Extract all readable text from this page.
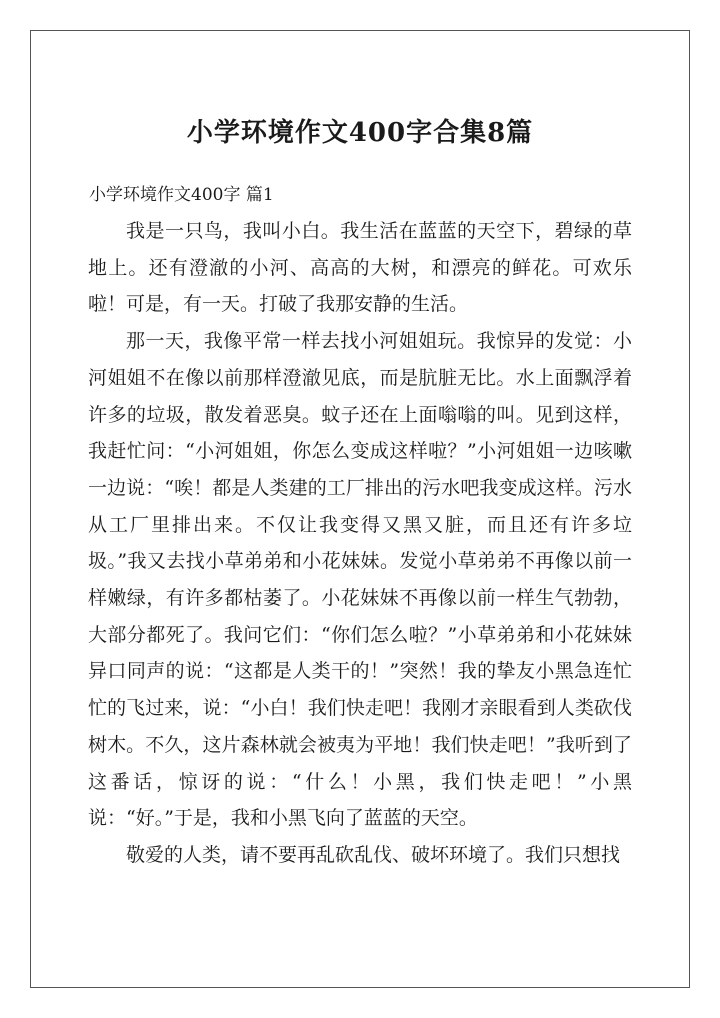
小学环境作文400字合集8篇
小学环境作文400字 篇1

我是一只鸟，我叫小白。我生活在蓝蓝的天空下，碧绿的草地上。还有澄澈的小河、高高的大树，和漂亮的鲜花。可欢乐啦！可是，有一天。打破了我那安静的生活。

那一天，我像平常一样去找小河姐姐玩。我惊异的发觉：小河姐姐不在像以前那样澄澈见底，而是肮脏无比。水上面飘浮着许多的垃圾，散发着恶臭。蚊子还在上面嗡嗡的叫。见到这样，我赶忙问：“小河姐姐，你怎么变成这样啦？”小河姐姐一边咳嗽一边说：“唉！都是人类建的工厂排出的污水吧我变成这样。污水从工厂里排出来。不仅让我变得又黑又脏，而且还有许多垃圾。”我又去找小草弟弟和小花妹妹。发觉小草弟弟不再像以前一样嫩绿，有许多都枯萎了。小花妹妹不再像以前一样生气勃勃，大部分都死了。我问它们：“你们怎么啦？”小草弟弟和小花妹妹异口同声的说：“这都是人类干的！”突然！我的挚友小黑急连忙忙的飞过来，说：“小白！我们快走吧！我刚才亲眼看到人类砍伐树木。不久，这片森林就会被夷为平地！我们快走吧！”我听到了这番话，惊讶的说：“什么！小黑，我们快走吧！”小黑说：“好。”于是，我和小黑飞向了蓝蓝的天空。

敬爱的人类，请不要再乱砍乱伐、破坏环境了。我们只想找
